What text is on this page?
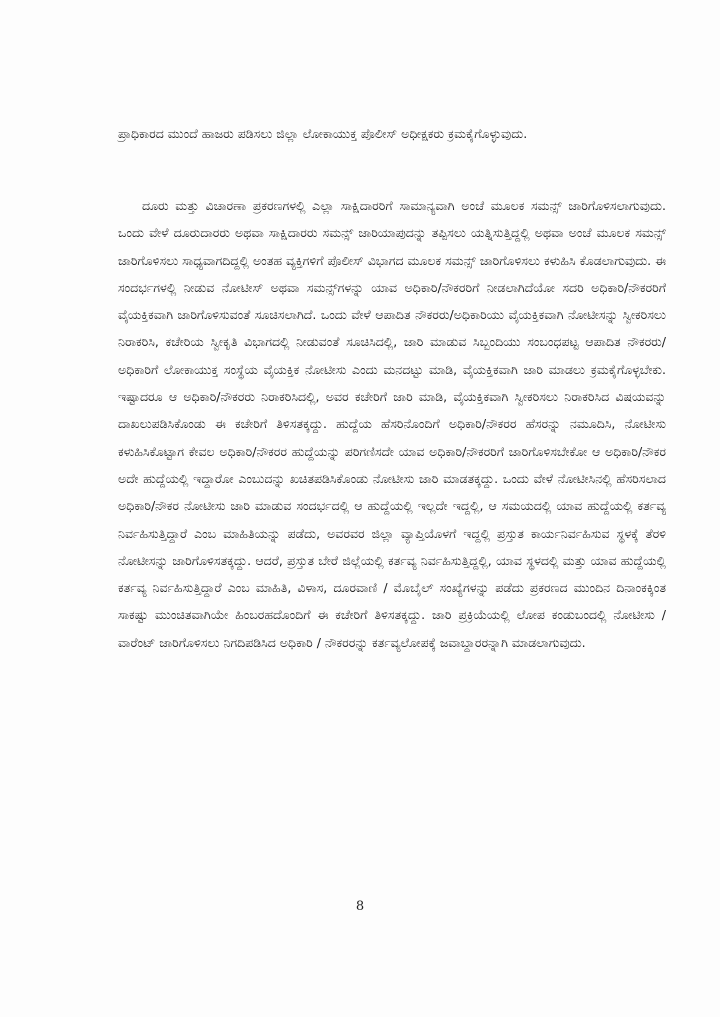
ಪ್ರಾಧಿಕಾರದ ಮುಂದೆ ಹಾಜರು ಪಡಿಸಲು ಜಿಲ್ಲಾ ಲೋಕಾಯುಕ್ತ ಪೊಲೀಸ್ ಅಧೀಕ್ಷಕರು ಕ್ರಮಕೈಗೊಳ್ಳುವುದು.
ದೂರು ಮತ್ತು ವಿಚಾರಣಾ ಪ್ರಕರಣಗಳಲ್ಲಿ ಎಲ್ಲಾ ಸಾಕ್ಷಿದಾರರಿಗೆ ಸಾಮಾನ್ಯವಾಗಿ ಅಂಚೆ ಮೂಲಕ ಸಮನ್ಸ್ ಜಾರಿಗೊಳಿಸಲಾಗುವುದು. ಒಂದು ವೇಳೆ ದೂರುದಾರರು ಅಥವಾ ಸಾಕ್ಷಿದಾರರು ಸಮನ್ಸ್ ಜಾರಿಯಾಪುದನ್ನು ತಪ್ಪಿಸಲು ಯತ್ನಿಸುತ್ತಿದ್ದಲ್ಲಿ ಅಥವಾ ಅಂಚೆ ಮೂಲಕ ಸಮನ್ಸ್ ಜಾರಿಗೊಳಿಸಲು ಸಾಧ್ಯವಾಗದಿದ್ದಲ್ಲಿ ಅಂತಹ ವ್ಯಕ್ತಿಗಳಿಗೆ ಪೊಲೀಸ್ ವಿಭಾಗದ ಮೂಲಕ ಸಮನ್ಸ್ ಜಾರಿಗೊಳಿಸಲು ಕಳುಹಿಸಿ ಕೊಡಲಾಗುವುದು. ಈ ಸಂದರ್ಭಗಳಲ್ಲಿ ನೀಡುವ ನೋಟೀಸ್ ಅಥವಾ ಸಮನ್ಸ್‌ಗಳನ್ನು ಯಾವ ಅಧಿಕಾರಿ/ನೌಕರರಿಗೆ ನೀಡಲಾಗಿದೆಯೋ ಸದರಿ ಅಧಿಕಾರಿ/ನೌಕರರಿಗೆ ವೈಯಕ್ತಿಕವಾಗಿ ಜಾರಿಗೊಳಿಸುವಂತೆ ಸೂಚಿಸಲಾಗಿದೆ. ಒಂದು ವೇಳೆ ಆಪಾದಿತ ನೌಕರರು/ಅಧಿಕಾರಿಯು ವೈಯಕ್ತಿಕವಾಗಿ ನೋಟೀಸನ್ನು ಸ್ವೀಕರಿಸಲು ನಿರಾಕರಿಸಿ, ಕಚೇರಿಯ ಸ್ವೀಕೃತಿ ವಿಭಾಗದಲ್ಲಿ ನೀಡುವಂತೆ ಸೂಚಿಸಿದಲ್ಲಿ, ಜಾರಿ ಮಾಡುವ ಸಿಬ್ಬಂದಿಯು ಸಂಬಂಧಪಟ್ಟ ಆಪಾದಿತ ನೌಕರರು/ಅಧಿಕಾರಿಗೆ ಲೋಕಾಯುಕ್ತ ಸಂಸ್ಥೆಯ ವೈಯಕ್ತಿಕ ನೋಟೀಸು ಎಂದು ಮನದಟ್ಟು ಮಾಡಿ, ವೈಯಕ್ತಿಕವಾಗಿ ಜಾರಿ ಮಾಡಲು ಕ್ರಮಕೈಗೊಳ್ಳಬೇಕು. ಇಷ್ಟಾದರೂ ಆ ಅಧಿಕಾರಿ/ನೌಕರರು ನಿರಾಕರಿಸಿದಲ್ಲಿ, ಅವರ ಕಚೇರಿಗೆ ಜಾರಿ ಮಾಡಿ, ವೈಯಕ್ತಿಕವಾಗಿ ಸ್ವೀಕರಿಸಲು ನಿರಾಕರಿಸಿದ ವಿಷಯವನ್ನು ದಾಖಲುಪಡಿಸಿಕೊಂಡು ಈ ಕಚೇರಿಗೆ ತಿಳಿಸತಕ್ಕದ್ದು. ಹುದ್ದೆಯ ಹೆಸರಿನೊಂದಿಗೆ ಅಧಿಕಾರಿ/ನೌಕರರ ಹೆಸರನ್ನು ನಮೂದಿಸಿ, ನೋಟೀಸು ಕಳುಹಿಸಿಕೊಟ್ಟಾಗ ಕೇವಲ ಅಧಿಕಾರಿ/ನೌಕರರ ಹುದ್ದೆಯನ್ನು ಪರಿಗಣಿಸದೇ ಯಾವ ಅಧಿಕಾರಿ/ನೌಕರರಿಗೆ ಜಾರಿಗೊಳಿಸಬೇಕೋ ಆ ಅಧಿಕಾರಿ/ನೌಕರ ಅದೇ ಹುದ್ದೆಯಲ್ಲಿ ಇದ್ದಾರೋ ಎಂಬುದನ್ನು ಖಚಿತಪಡಿಸಿಕೊಂಡು ನೋಟೀಸು ಜಾರಿ ಮಾಡತಕ್ಕದ್ದು. ಒಂದು ವೇಳೆ ನೋಟೀಸಿನಲ್ಲಿ ಹೆಸರಿಸಲಾದ ಅಧಿಕಾರಿ/ನೌಕರ ನೋಟೀಸು ಜಾರಿ ಮಾಡುವ ಸಂದರ್ಭದಲ್ಲಿ ಆ ಹುದ್ದೆಯಲ್ಲಿ ಇಲ್ಲದೇ ಇದ್ದಲ್ಲಿ, ಆ ಸಮಯದಲ್ಲಿ ಯಾವ ಹುದ್ದೆಯಲ್ಲಿ ಕರ್ತವ್ಯ ನಿರ್ವಹಿಸುತ್ತಿದ್ದಾರೆ ಎಂಬ ಮಾಹಿತಿಯನ್ನು ಪಡೆದು, ಅವರವರ ಜಿಲ್ಲಾ ವ್ಯಾಪ್ತಿಯೊಳಗೆ ಇದ್ದಲ್ಲಿ ಪ್ರಸ್ತುತ ಕಾರ್ಯನಿರ್ವಹಿಸುವ ಸ್ಥಳಕ್ಕೆ ತೆರಳಿ ನೋಟೀಸನ್ನು ಜಾರಿಗೊಳಿಸತಕ್ಕದ್ದು. ಆದರೆ, ಪ್ರಸ್ತುತ ಬೇರೆ ಜಿಲ್ಲೆಯಲ್ಲಿ ಕರ್ತವ್ಯ ನಿರ್ವಹಿಸುತ್ತಿದ್ದಲ್ಲಿ, ಯಾವ ಸ್ಥಳದಲ್ಲಿ ಮತ್ತು ಯಾವ ಹುದ್ದೆಯಲ್ಲಿ ಕರ್ತವ್ಯ ನಿರ್ವಹಿಸುತ್ತಿದ್ದಾರೆ ಎಂಬ ಮಾಹಿತಿ, ವಿಳಾಸ, ದೂರವಾಣಿ / ಮೊಬೈಲ್ ಸಂಖ್ಯೆಗಳನ್ನು ಪಡೆದು ಪ್ರಕರಣದ ಮುಂದಿನ ದಿನಾಂಕಕ್ಕಿಂತ ಸಾಕಷ್ಟು ಮುಂಚಿತವಾಗಿಯೇ ಹಿಂಬರಹದೊಂದಿಗೆ ಈ ಕಚೇರಿಗೆ ತಿಳಿಸತಕ್ಕದ್ದು. ಜಾರಿ ಪ್ರಕ್ರಿಯೆಯಲ್ಲಿ ಲೋಪ ಕಂಡುಬಂದಲ್ಲಿ ನೋಟೀಸು / ವಾರೆಂಟ್ ಜಾರಿಗೊಳಿಸಲು ನಿಗದಿಪಡಿಸಿದ ಅಧಿಕಾರಿ / ನೌಕರರನ್ನು ಕರ್ತವ್ಯಲೋಪಕ್ಕೆ ಜವಾಬ್ದಾರರನ್ನಾಗಿ ಮಾಡಲಾಗುವುದು.
8
